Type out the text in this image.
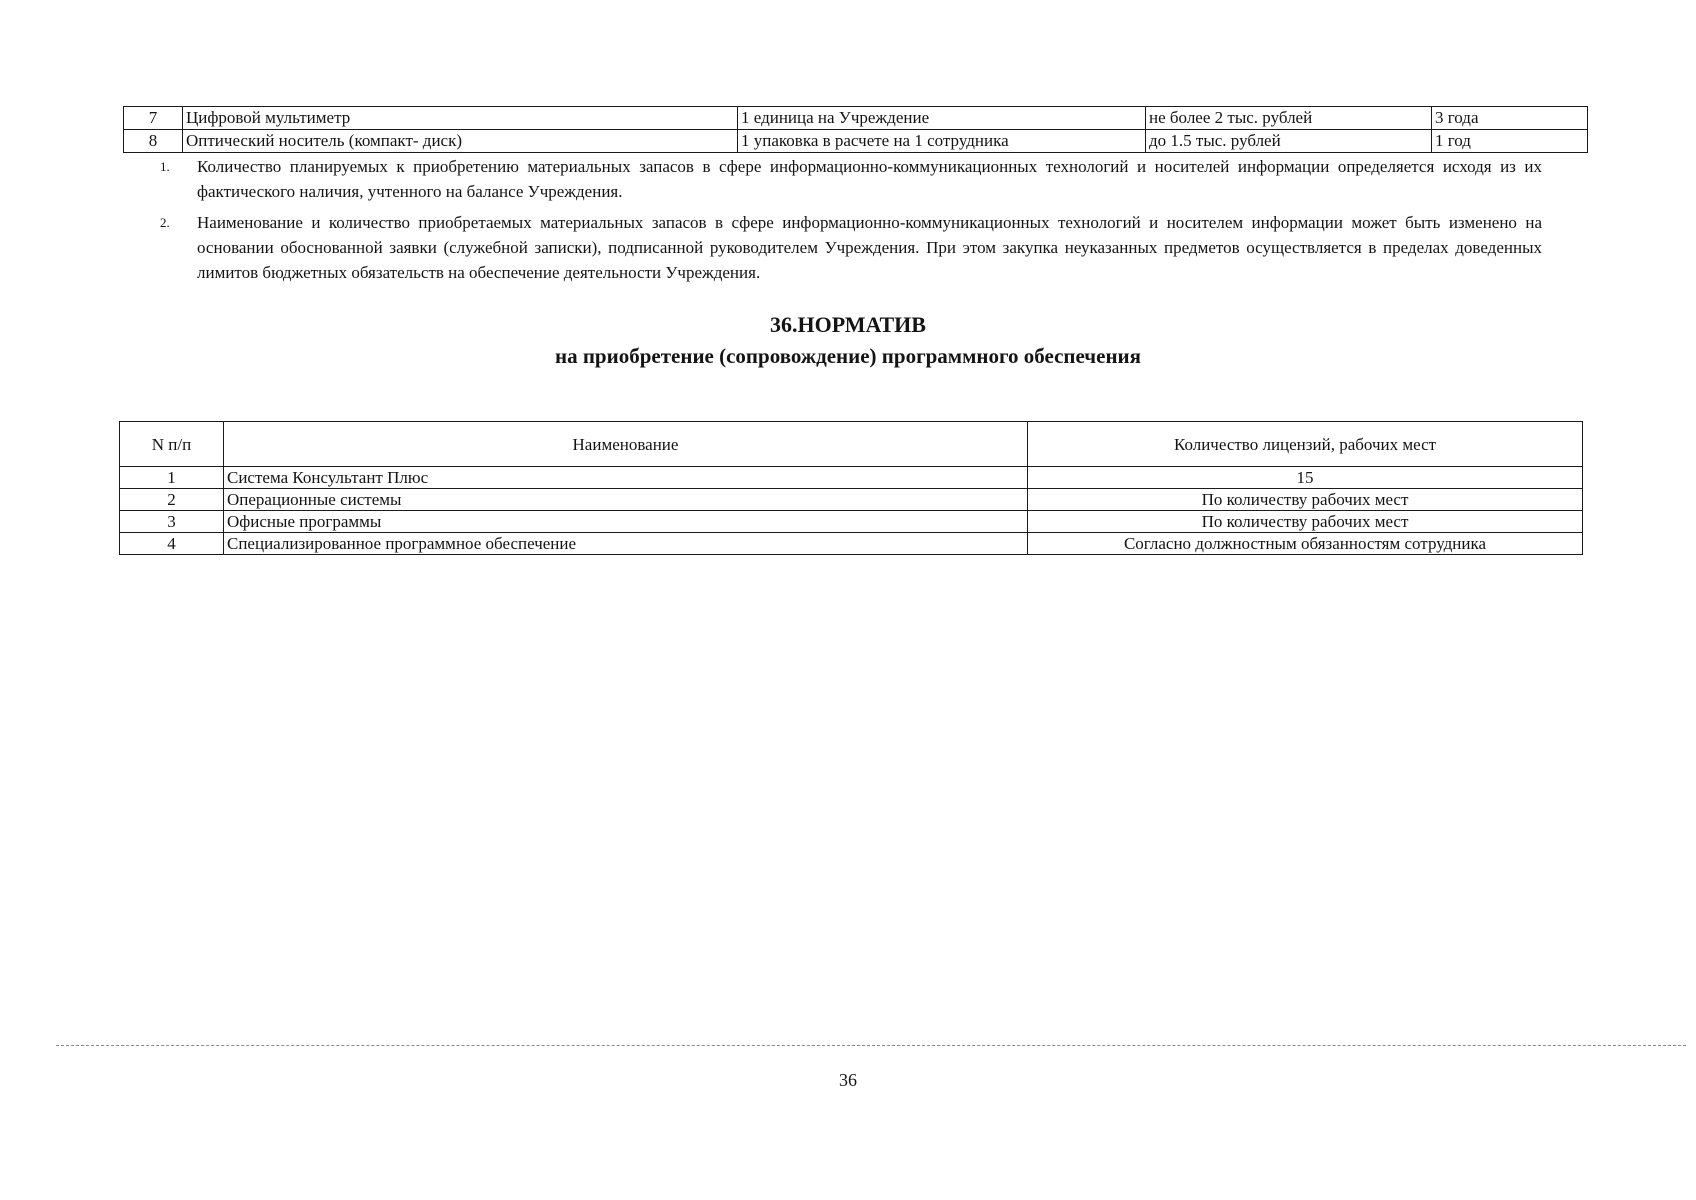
7	Цифровой мультиметр	1 единица на Учреждение	не более 2 тыс. рублей	3 года
8	Оптический носитель (компакт- диск)	1 упаковка в расчете на 1 сотрудника	до 1.5 тыс. рублей	1 год
1.	Количество планируемых к приобретению материальных запасов в сфере информационно-коммуникационных технологий и носителей информации определяется исходя из их фактического наличия, учтенного на балансе Учреждения.
2.	Наименование и количество приобретаемых материальных запасов в сфере информационно-коммуникационных технологий и носителем информации может быть изменено на основании обоснованной заявки (служебной записки), подписанной руководителем Учреждения. При этом закупка неуказанных предметов осуществляется в пределах доведенных лимитов бюджетных обязательств на обеспечение деятельности Учреждения.
36.НОРМАТИВ
на приобретение (сопровождение) программного обеспечения
N п/п	Наименование	Количество лицензий, рабочих мест
1	Система Консультант Плюс	15
2	Операционные системы	По количеству рабочих мест
3	Офисные программы	По количеству рабочих мест
4	Специализированное программное обеспечение	Согласно должностным обязанностям сотрудника
36
